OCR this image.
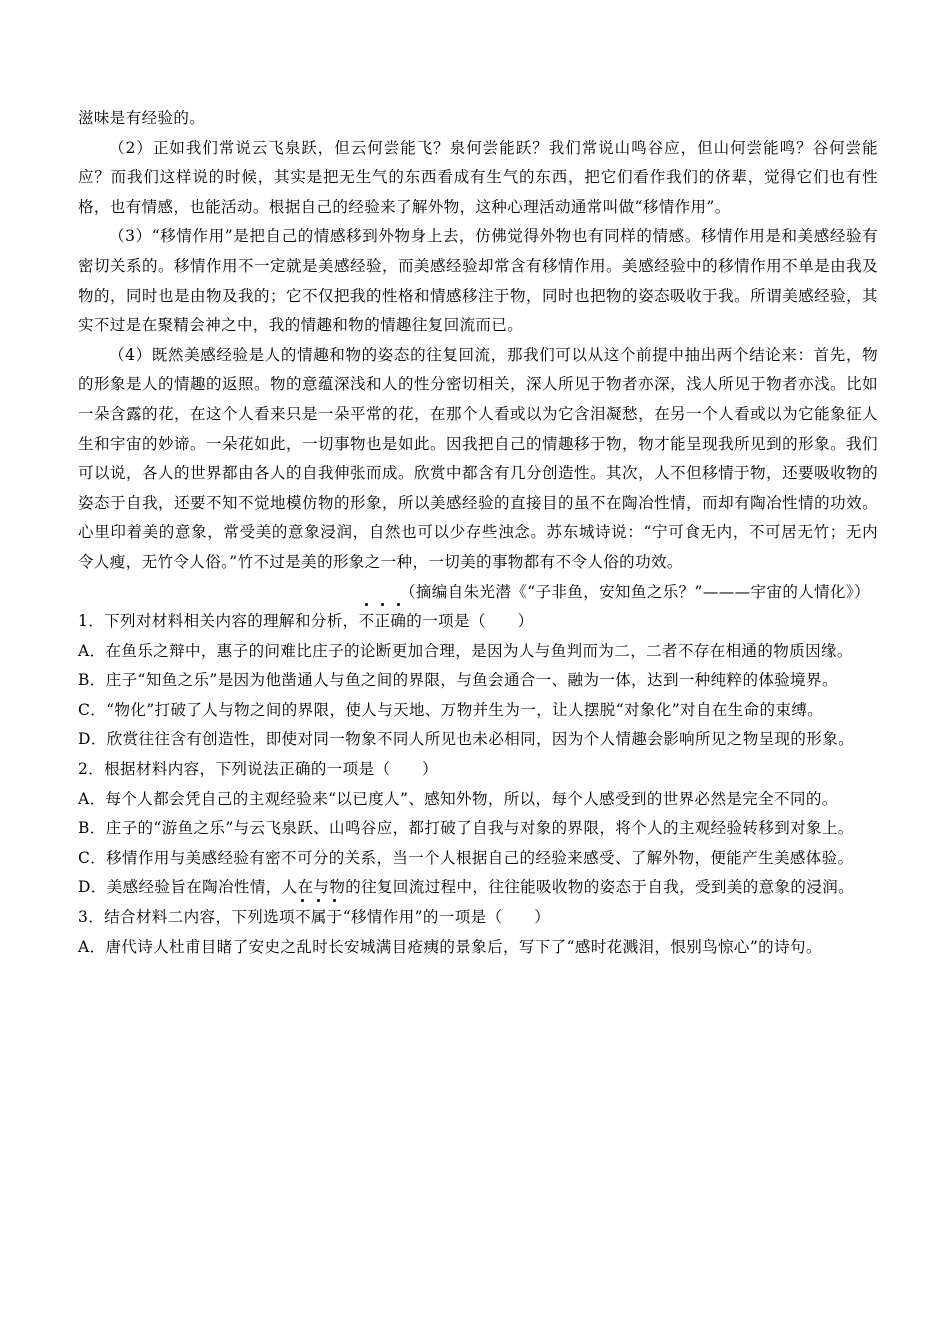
滋味是有经验的。

（2）正如我们常说云飞泉跃，但云何尝能飞？泉何尝能跃？我们常说山鸣谷应，但山何尝能鸣？谷何尝能应？而我们这样说的时候，其实是把无生气的东西看成有生气的东西，把它们看作我们的侪辈，觉得它们也有性格，也有情感，也能活动。根据自己的经验来了解外物，这种心理活动通常叫做“移情作用”。

（3）“移情作用”是把自己的情感移到外物身上去，仿佛觉得外物也有同样的情感。移情作用是和美感经验有密切关系的。移情作用不一定就是美感经验，而美感经验却常含有移情作用。美感经验中的移情作用不单是由我及物的，同时也是由物及我的；它不仅把我的性格和情感移注于物，同时也把物的姿态吸收于我。所谓美感经验，其实不过是在聚精会神之中，我的情趣和物的情趣往复回流而已。

（4）既然美感经验是人的情趣和物的姿态的往复回流，那我们可以从这个前提中抽出两个结论来：首先，物的形象是人的情趣的返照。物的意蕴深浅和人的性分密切相关，深人所见于物者亦深，浅人所见于物者亦浅。比如一朵含露的花，在这个人看来只是一朵平常的花，在那个人看或以为它含泪凝愁，在另一个人看或以为它能象征人生和宇宙的妙谛。一朵花如此，一切事物也是如此。因我把自己的情趣移于物，物才能呈现我所见到的形象。我们可以说，各人的世界都由各人的自我伸张而成。欣赏中都含有几分创造性。其次，人不但移情于物，还要吸收物的姿态于自我，还要不知不觉地模仿物的形象，所以美感经验的直接目的虽不在陶冶性情，而却有陶冶性情的功效。心里印着美的意象，常受美的意象浸润，自然也可以少存些浊念。苏东城诗说：“宁可食无内，不可居无竹；无内令人瘦，无竹令人俗。”竹不过是美的形象之一种，一切美的事物都有不令人俗的功效。

（摘编自朱光潜《“子非鱼，安知鱼之乐？”———宇宙的人情化》）

1．下列对材料相关内容的理解和分析，不正确的一项是（　　）

A．在鱼乐之辩中，惠子的问难比庄子的论断更加合理，是因为人与鱼判而为二，二者不存在相通的物质因缘。

B．庄子“知鱼之乐”是因为他凿通人与鱼之间的界限，与鱼会通合一、融为一体，达到一种纯粹的体验境界。

C．“物化”打破了人与物之间的界限，使人与天地、万物并生为一，让人摆脱“对象化”对自在生命的束缚。

D．欣赏往往含有创造性，即使对同一物象不同人所见也未必相同，因为个人情趣会影响所见之物呈现的形象。

2．根据材料内容，下列说法正确的一项是（　　）

A．每个人都会凭自己的主观经验来“以已度人”、感知外物，所以，每个人感受到的世界必然是完全不同的。

B．庄子的“游鱼之乐”与云飞泉跃、山鸣谷应，都打破了自我与对象的界限，将个人的主观经验转移到对象上。

C．移情作用与美感经验有密不可分的关系，当一个人根据自己的经验来感受、了解外物，便能产生美感体验。

D．美感经验旨在陶冶性情，人在与物的往复回流过程中，往往能吸收物的姿态于自我，受到美的意象的浸润。

3．结合材料二内容，下列选项不属于“移情作用”的一项是（　　）

A．唐代诗人杜甫目睹了安史之乱时长安城满目疮痍的景象后，写下了“感时花溅泪，恨别鸟惊心”的诗句。
